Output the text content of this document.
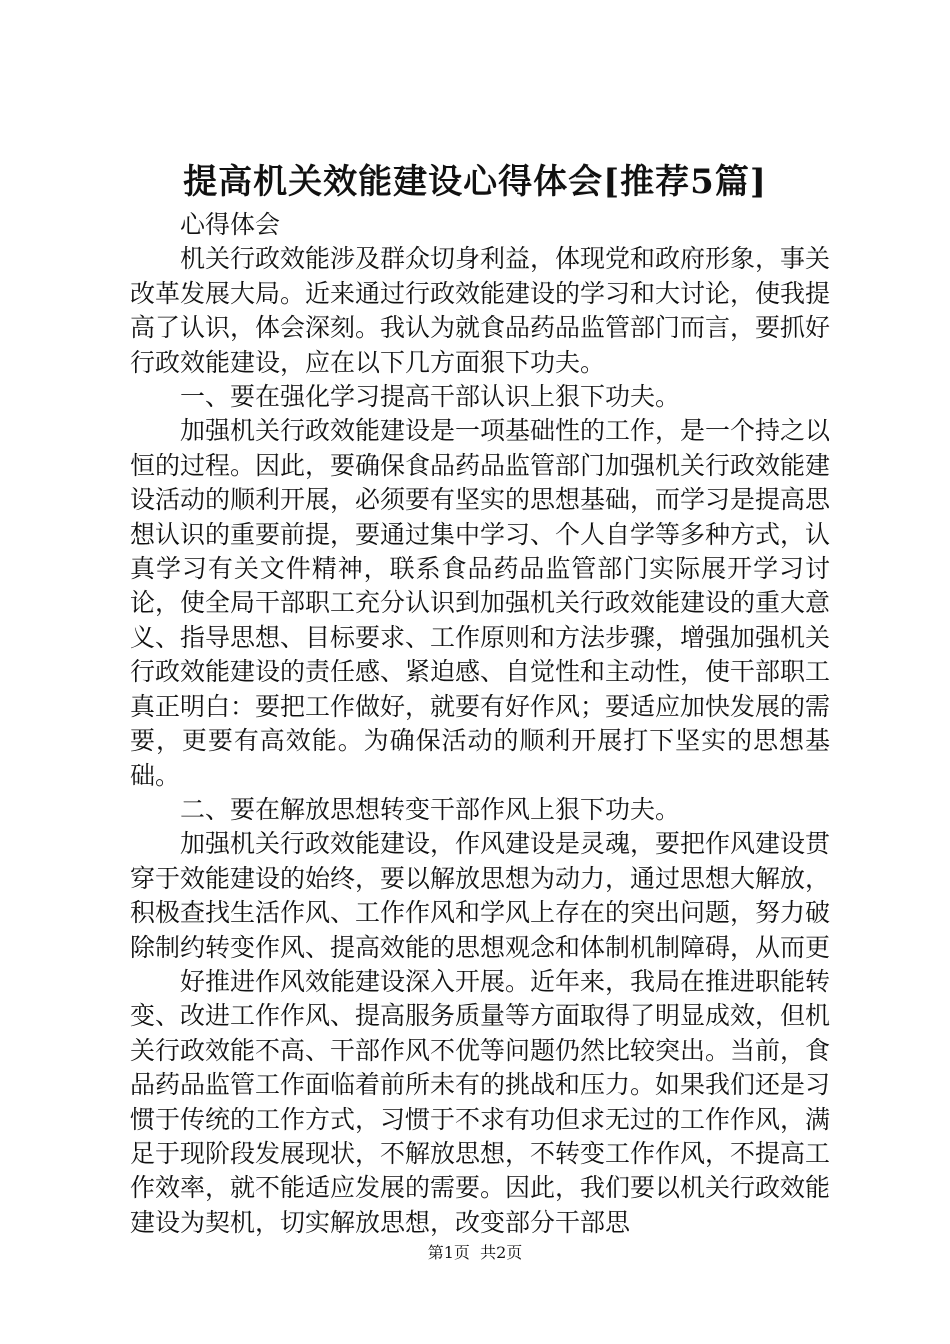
提高机关效能建设心得体会[推荐5篇]

心得体会

机关行政效能涉及群众切身利益，体现党和政府形象，事关改革发展大局。近来通过行政效能建设的学习和大讨论，使我提高了认识，体会深刻。我认为就食品药品监管部门而言，要抓好行政效能建设，应在以下几方面狠下功夫。

一、要在强化学习提高干部认识上狠下功夫。

加强机关行政效能建设是一项基础性的工作，是一个持之以恒的过程。因此，要确保食品药品监管部门加强机关行政效能建设活动的顺利开展，必须要有坚实的思想基础，而学习是提高思想认识的重要前提，要通过集中学习、个人自学等多种方式，认真学习有关文件精神，联系食品药品监管部门实际展开学习讨论，使全局干部职工充分认识到加强机关行政效能建设的重大意义、指导思想、目标要求、工作原则和方法步骤，增强加强机关行政效能建设的责任感、紧迫感、自觉性和主动性，使干部职工真正明白：要把工作做好，就要有好作风；要适应加快发展的需要，更要有高效能。为确保活动的顺利开展打下坚实的思想基础。

二、要在解放思想转变干部作风上狠下功夫。

加强机关行政效能建设，作风建设是灵魂，要把作风建设贯穿于效能建设的始终，要以解放思想为动力，通过思想大解放，积极查找生活作风、工作作风和学风上存在的突出问题，努力破除制约转变作风、提高效能的思想观念和体制机制障碍，从而更

好推进作风效能建设深入开展。近年来，我局在推进职能转变、改进工作作风、提高服务质量等方面取得了明显成效，但机关行政效能不高、干部作风不优等问题仍然比较突出。当前，食品药品监管工作面临着前所未有的挑战和压力。如果我们还是习惯于传统的工作方式，习惯于不求有功但求无过的工作作风，满足于现阶段发展现状，不解放思想，不转变工作作风，不提高工作效率，就不能适应发展的需要。因此，我们要以机关行政效能建设为契机，切实解放思想，改变部分干部思

第1页  共2页
